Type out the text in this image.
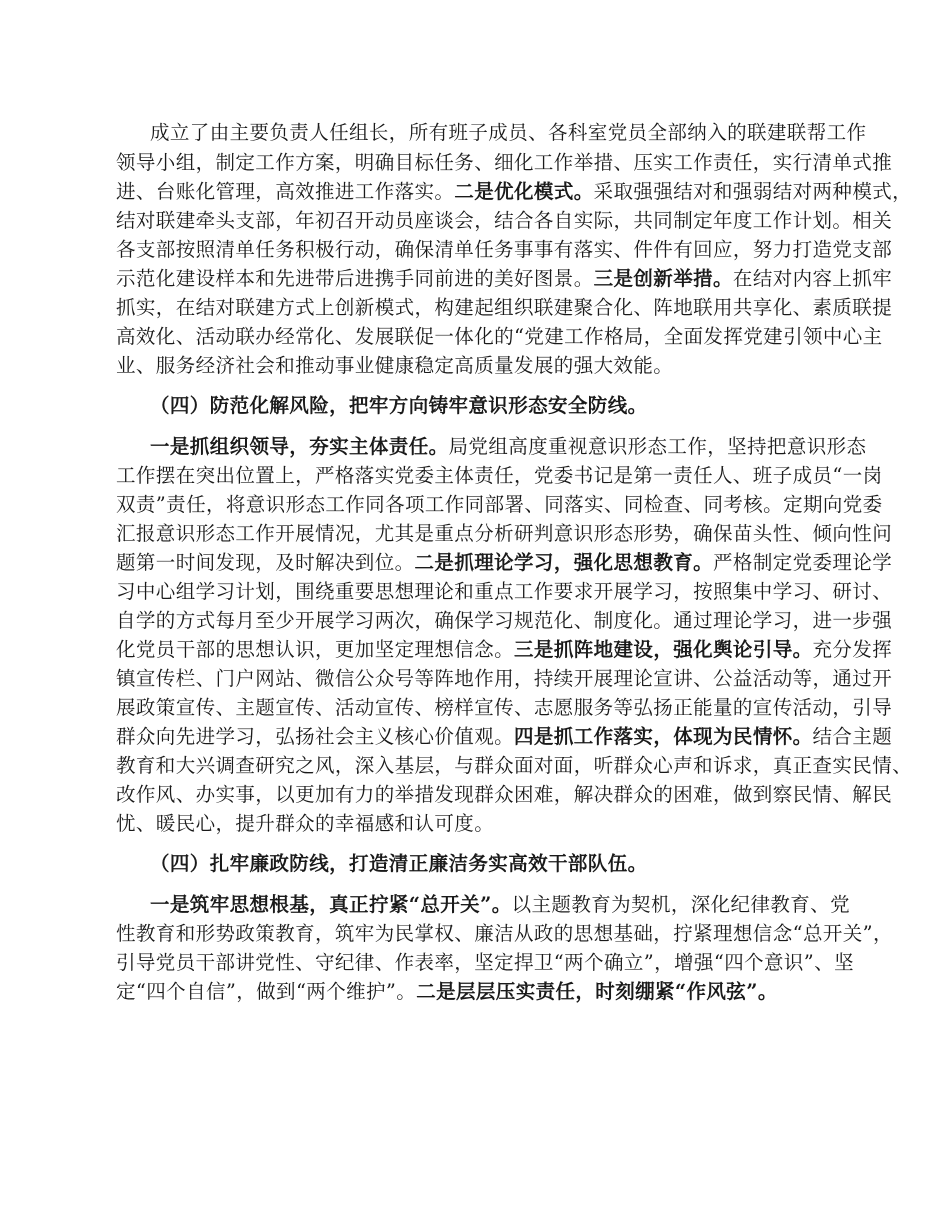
成立了由主要负责人任组长，所有班子成员、各科室党员全部纳入的联建联帮工作
领导小组，制定工作方案，明确目标任务、细化工作举措、压实工作责任，实行清单式推
进、台账化管理，高效推进工作落实。二是优化模式。采取强强结对和强弱结对两种模式，
结对联建牵头支部，年初召开动员座谈会，结合各自实际，共同制定年度工作计划。相关
各支部按照清单任务积极行动，确保清单任务事事有落实、件件有回应，努力打造党支部
示范化建设样本和先进带后进携手同前进的美好图景。三是创新举措。在结对内容上抓牢
抓实，在结对联建方式上创新模式，构建起组织联建聚合化、阵地联用共享化、素质联提
高效化、活动联办经常化、发展联促一体化的“党建工作格局，全面发挥党建引领中心主
业、服务经济社会和推动事业健康稳定高质量发展的强大效能。
（四）防范化解风险，把牢方向铸牢意识形态安全防线。
一是抓组织领导，夯实主体责任。局党组高度重视意识形态工作，坚持把意识形态
工作摆在突出位置上，严格落实党委主体责任，党委书记是第一责任人、班子成员“一岗
双责”责任，将意识形态工作同各项工作同部署、同落实、同检查、同考核。定期向党委
汇报意识形态工作开展情况，尤其是重点分析研判意识形态形势，确保苗头性、倾向性问
题第一时间发现，及时解决到位。二是抓理论学习，强化思想教育。严格制定党委理论学
习中心组学习计划，围绕重要思想理论和重点工作要求开展学习，按照集中学习、研讨、
自学的方式每月至少开展学习两次，确保学习规范化、制度化。通过理论学习，进一步强
化党员干部的思想认识，更加坚定理想信念。三是抓阵地建设，强化舆论引导。充分发挥
镇宣传栏、门户网站、微信公众号等阵地作用，持续开展理论宣讲、公益活动等，通过开
展政策宣传、主题宣传、活动宣传、榜样宣传、志愿服务等弘扬正能量的宣传活动，引导
群众向先进学习，弘扬社会主义核心价值观。四是抓工作落实，体现为民情怀。结合主题
教育和大兴调查研究之风，深入基层，与群众面对面，听群众心声和诉求，真正查实民情、
改作风、办实事，以更加有力的举措发现群众困难，解决群众的困难，做到察民情、解民
忧、暖民心，提升群众的幸福感和认可度。
（四）扎牢廉政防线，打造清正廉洁务实高效干部队伍。
一是筑牢思想根基，真正拧紧“总开关”。以主题教育为契机，深化纪律教育、党
性教育和形势政策教育，筑牢为民掌权、廉洁从政的思想基础，拧紧理想信念“总开关”，
引导党员干部讲党性、守纪律、作表率，坚定捍卫“两个确立”，增强“四个意识”、坚
定“四个自信”，做到“两个维护”。二是层层压实责任，时刻绷紧“作风弦”。
